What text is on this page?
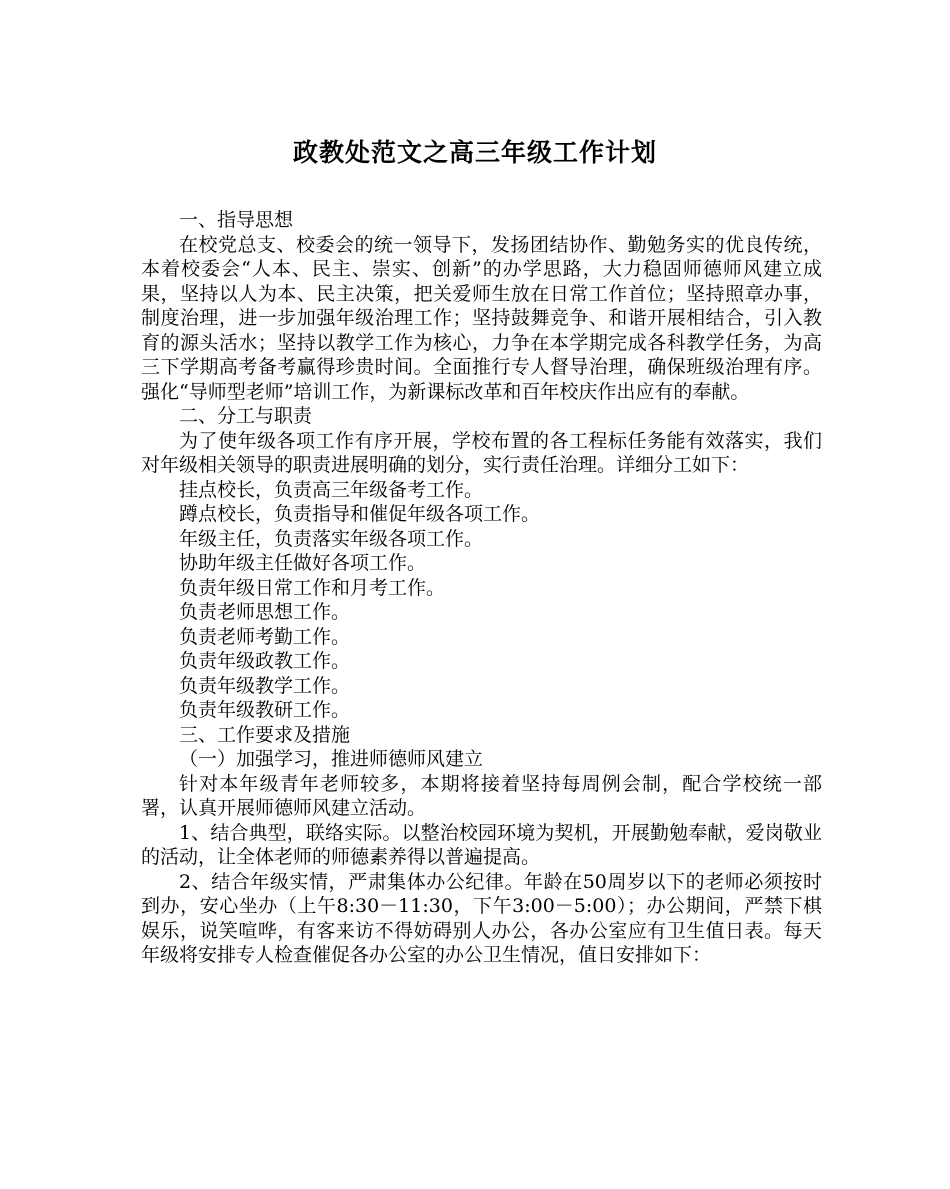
政教处范文之高三年级工作计划

一、指导思想

在校党总支、校委会的统一领导下，发扬团结协作、勤勉务实的优良传统，本着校委会“人本、民主、崇实、创新”的办学思路，大力稳固师德师风建立成果，坚持以人为本、民主决策，把关爱师生放在日常工作首位；坚持照章办事，制度治理，进一步加强年级治理工作；坚持鼓舞竞争、和谐开展相结合，引入教育的源头活水；坚持以教学工作为核心，力争在本学期完成各科教学任务，为高三下学期高考备考赢得珍贵时间。全面推行专人督导治理，确保班级治理有序。强化“导师型老师”培训工作，为新课标改革和百年校庆作出应有的奉献。

二、分工与职责

为了使年级各项工作有序开展，学校布置的各工程标任务能有效落实，我们对年级相关领导的职责进展明确的划分，实行责任治理。详细分工如下：

挂点校长，负责高三年级备考工作。

蹲点校长，负责指导和催促年级各项工作。

年级主任，负责落实年级各项工作。

协助年级主任做好各项工作。

负责年级日常工作和月考工作。

负责老师思想工作。

负责老师考勤工作。

负责年级政教工作。

负责年级教学工作。

负责年级教研工作。

三、工作要求及措施

（一）加强学习，推进师德师风建立

针对本年级青年老师较多，本期将接着坚持每周例会制，配合学校统一部署，认真开展师德师风建立活动。

1、结合典型，联络实际。以整治校园环境为契机，开展勤勉奉献，爱岗敬业的活动，让全体老师的师德素养得以普遍提高。

2、结合年级实情，严肃集体办公纪律。年龄在50周岁以下的老师必须按时到办，安心坐办（上午8:30－11:30，下午3:00－5:00）；办公期间，严禁下棋娱乐，说笑喧哗，有客来访不得妨碍别人办公，各办公室应有卫生值日表。每天年级将安排专人检查催促各办公室的办公卫生情况，值日安排如下：
